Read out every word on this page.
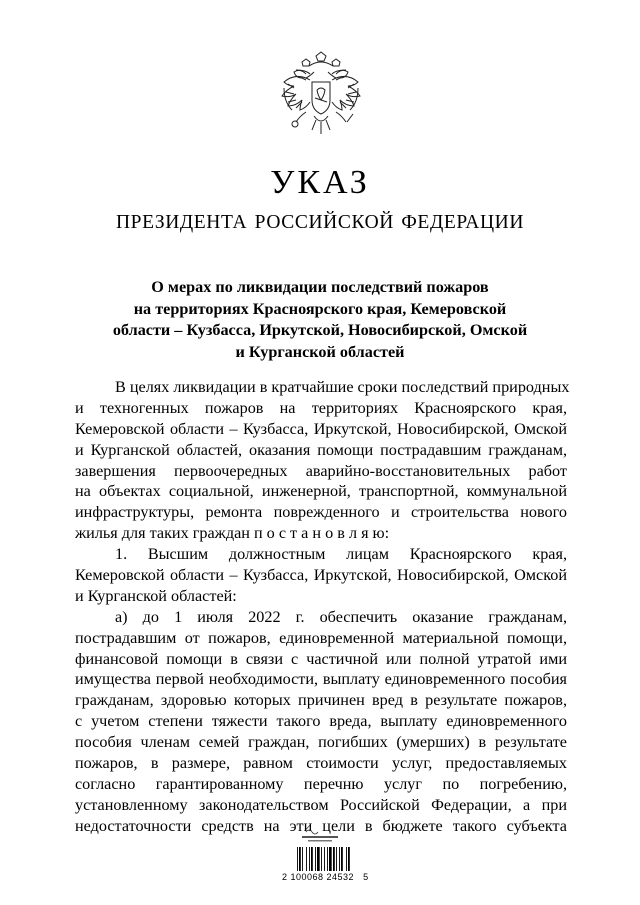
УКАЗ
ПРЕЗИДЕНТА РОССИЙСКОЙ ФЕДЕРАЦИИ
О мерах по ликвидации последствий пожаров
на территориях Красноярского края, Кемеровской
области – Кузбасса, Иркутской, Новосибирской, Омской
и Курганской областей
В целях ликвидации в кратчайшие сроки последствий природных
и техногенных пожаров на территориях Красноярского края,
Кемеровской области – Кузбасса, Иркутской, Новосибирской, Омской
и Курганской областей, оказания помощи пострадавшим гражданам,
завершения первоочередных аварийно-восстановительных работ
на объектах социальной, инженерной, транспортной, коммунальной
инфраструктуры, ремонта поврежденного и строительства нового
жилья для таких граждан п о с т а н о в л я ю:
1. Высшим должностным лицам Красноярского края,
Кемеровской области – Кузбасса, Иркутской, Новосибирской, Омской
и Курганской областей:
а) до 1 июля 2022 г. обеспечить оказание гражданам,
пострадавшим от пожаров, единовременной материальной помощи,
финансовой помощи в связи с частичной или полной утратой ими
имущества первой необходимости, выплату единовременного пособия
гражданам, здоровью которых причинен вред в результате пожаров,
с учетом степени тяжести такого вреда, выплату единовременного
пособия членам семей граждан, погибших (умерших) в результате
пожаров, в размере, равном стоимости услуг, предоставляемых
согласно гарантированному перечню услуг по погребению,
установленному законодательством Российской Федерации, а при
недостаточности средств на эти цели в бюджете такого субъекта
2 100068 24532   5
